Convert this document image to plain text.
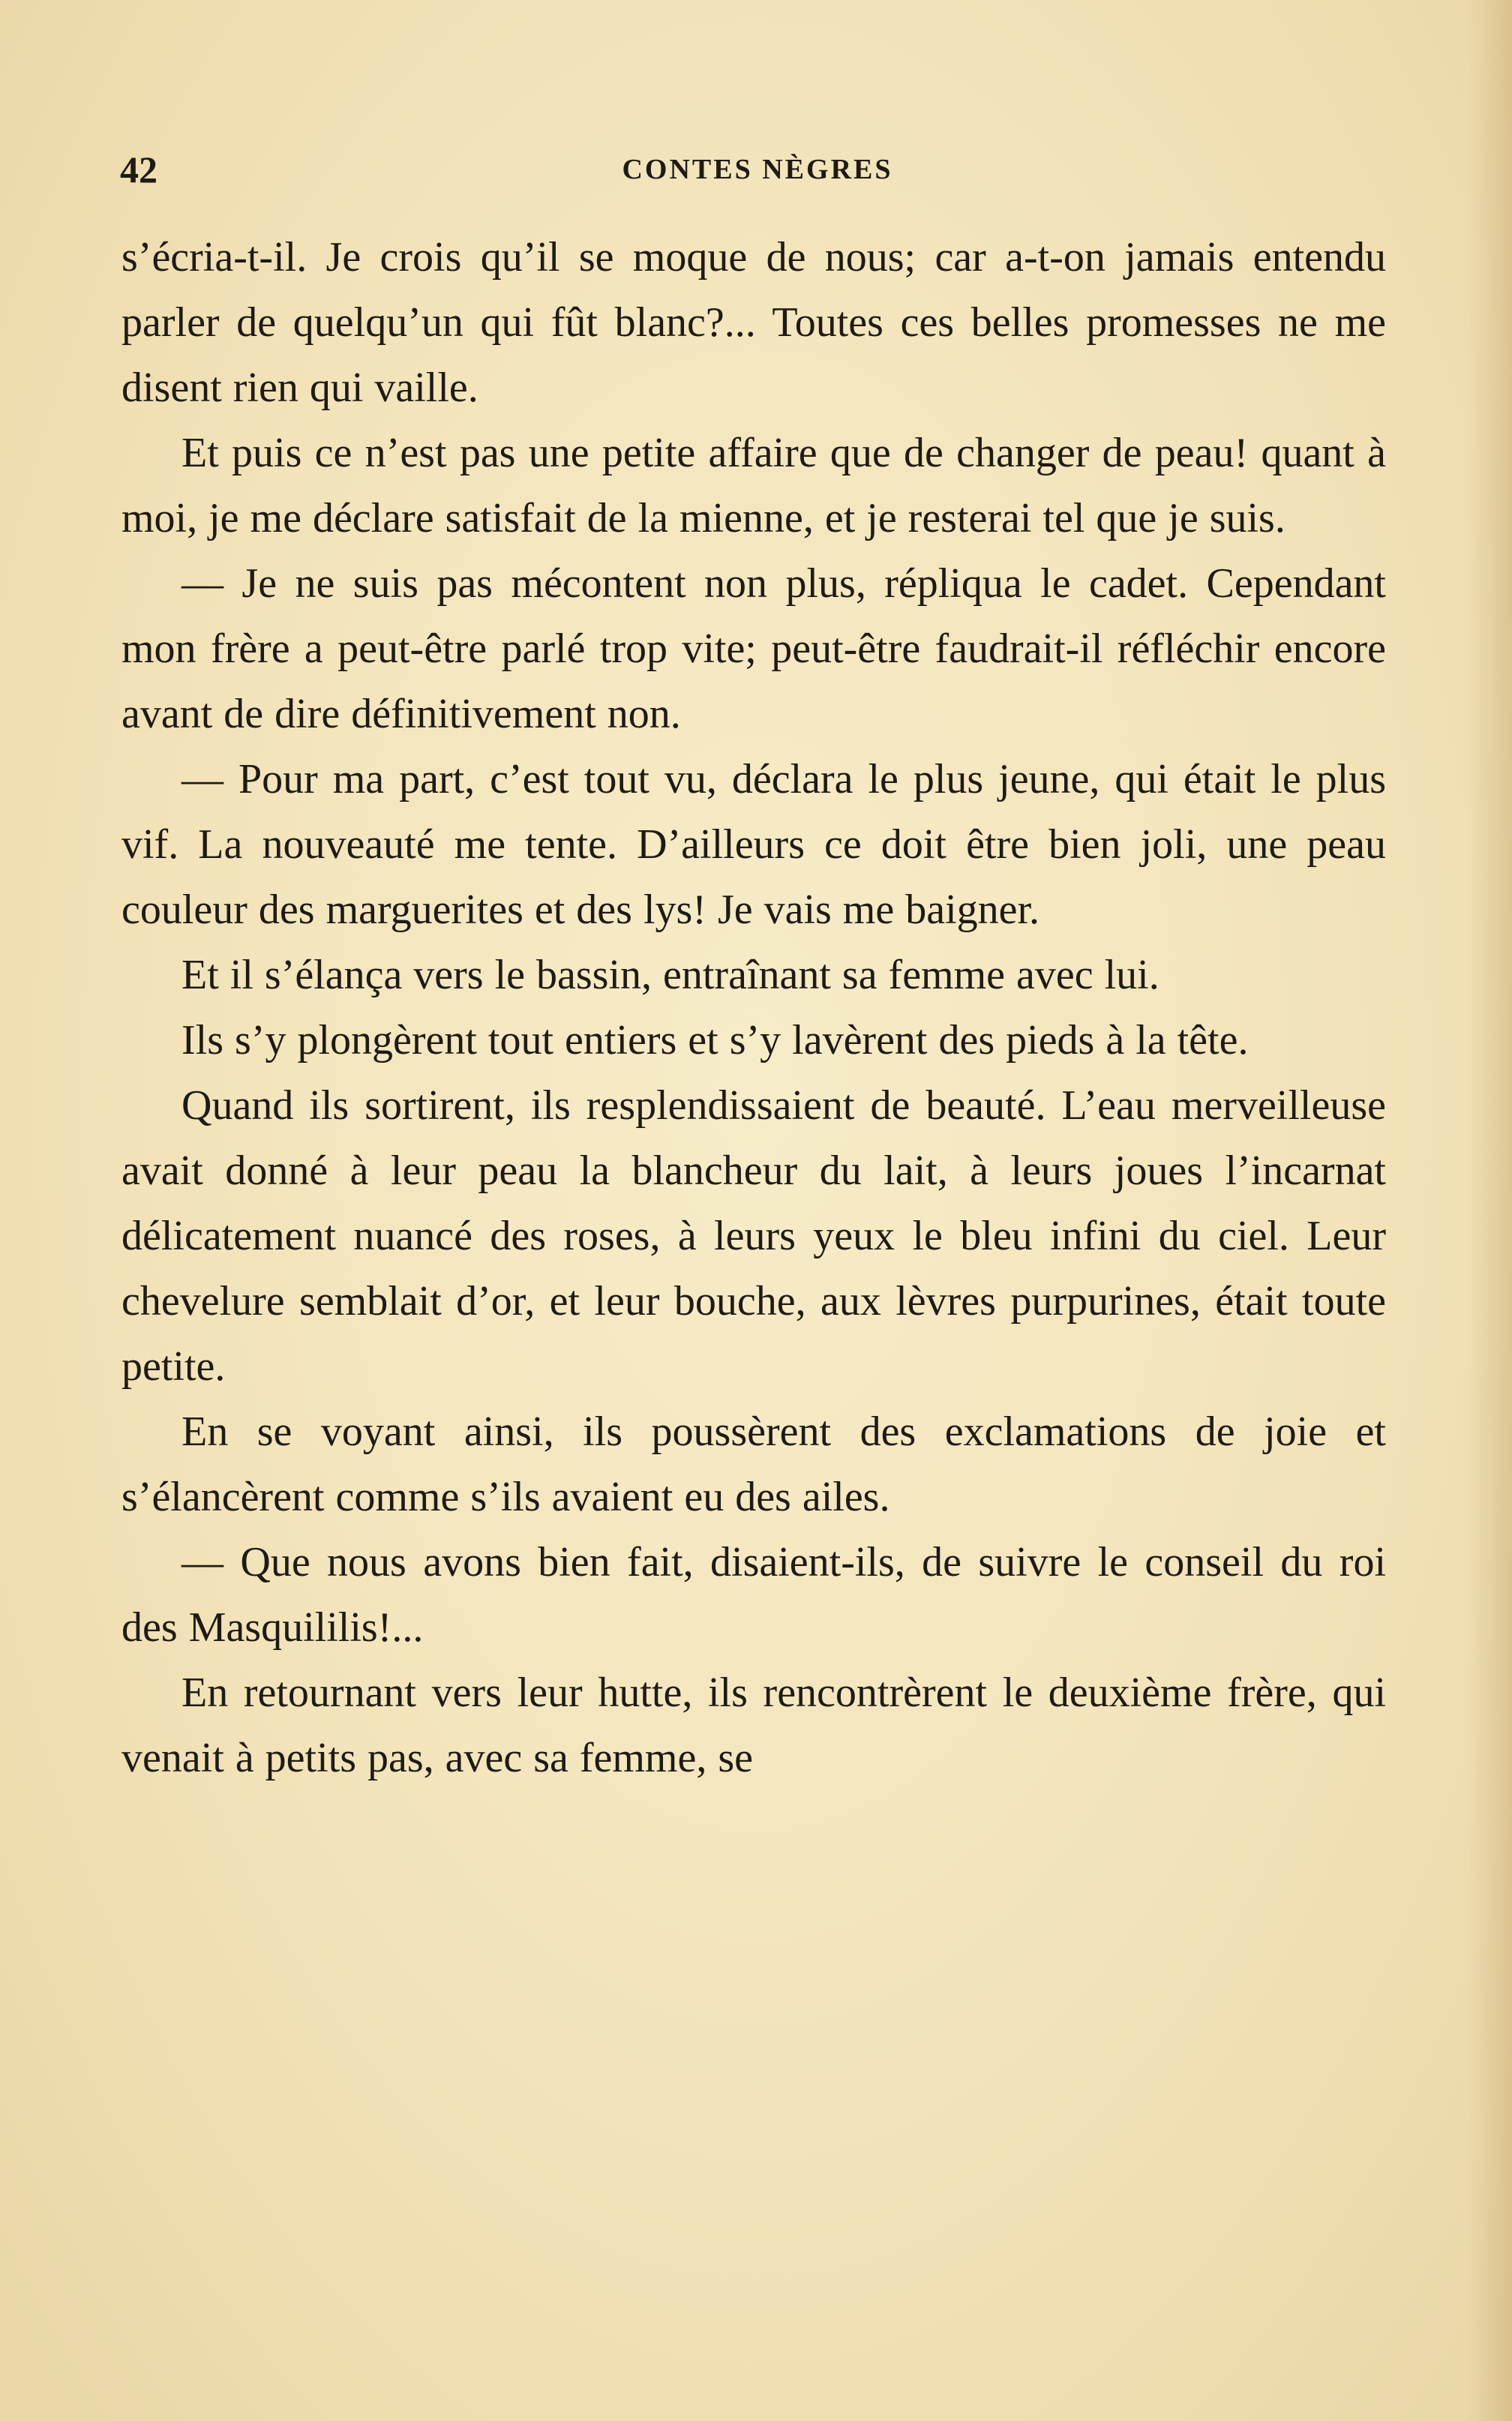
42	CONTES NÈGRES

s’écria-t-il. Je crois qu’il se moque de nous; car a-t-on jamais entendu parler de quelqu’un qui fût blanc?... Toutes ces belles promesses ne me disent rien qui vaille.

Et puis ce n’est pas une petite affaire que de changer de peau! quant à moi, je me déclare satisfait de la mienne, et je resterai tel que je suis.

— Je ne suis pas mécontent non plus, répliqua le cadet. Cependant mon frère a peut-être parlé trop vite; peut-être faudrait-il réfléchir encore avant de dire définitivement non.

— Pour ma part, c’est tout vu, déclara le plus jeune, qui était le plus vif. La nouveauté me tente. D’ailleurs ce doit être bien joli, une peau couleur des marguerites et des lys! Je vais me baigner.

Et il s’élança vers le bassin, entraînant sa femme avec lui.

Ils s’y plongèrent tout entiers et s’y lavèrent des pieds à la tête.

Quand ils sortirent, ils resplendissaient de beauté. L’eau merveilleuse avait donné à leur peau la blancheur du lait, à leurs joues l’incarnat délicatement nuancé des roses, à leurs yeux le bleu infini du ciel. Leur chevelure semblait d’or, et leur bouche, aux lèvres purpurines, était toute petite.

En se voyant ainsi, ils poussèrent des exclamations de joie et s’élancèrent comme s’ils avaient eu des ailes.

— Que nous avons bien fait, disaient-ils, de suivre le conseil du roi des Masquililis!...

En retournant vers leur hutte, ils rencontrèrent le deuxième frère, qui venait à petits pas, avec sa femme, se
